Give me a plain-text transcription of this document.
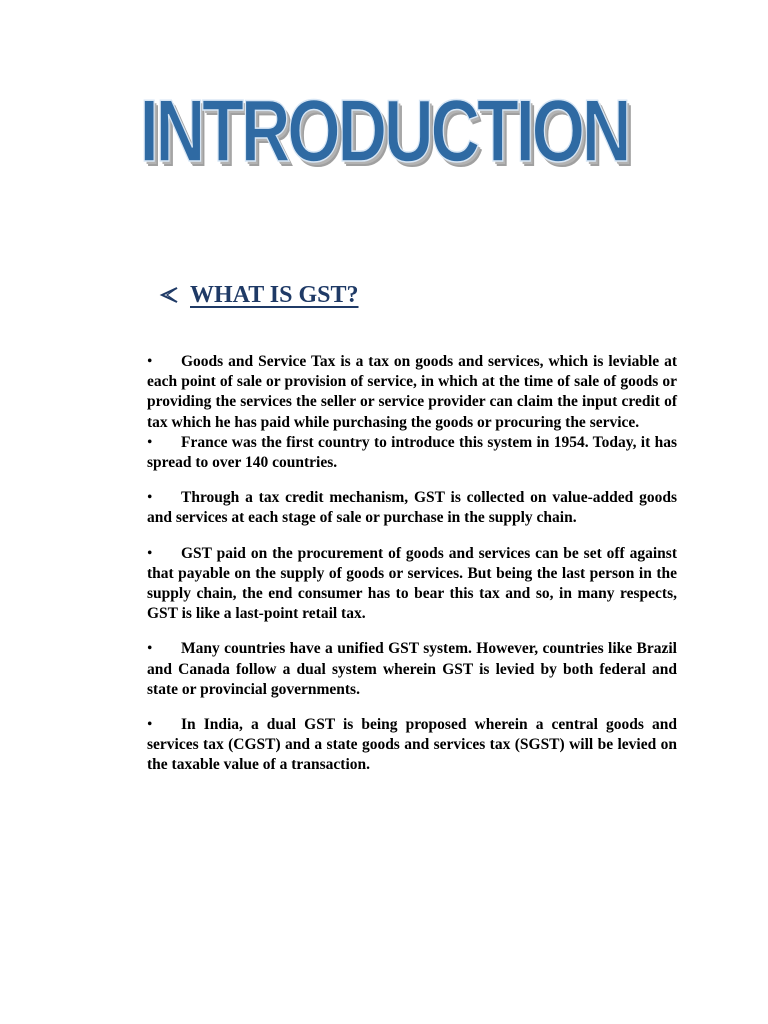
INTRODUCTION
WHAT IS GST?

• Goods and Service Tax is a tax on goods and services, which is leviable at each point of sale or provision of service, in which at the time of sale of goods or providing the services the seller or service provider can claim the input credit of tax which he has paid while purchasing the goods or procuring the service.

• France was the first country to introduce this system in 1954. Today, it has spread to over 140 countries.

• Through a tax credit mechanism, GST is collected on value-added goods and services at each stage of sale or purchase in the supply chain.

• GST paid on the procurement of goods and services can be set off against that payable on the supply of goods or services. But being the last person in the supply chain, the end consumer has to bear this tax and so, in many respects, GST is like a last-point retail tax.

• Many countries have a unified GST system. However, countries like Brazil and Canada follow a dual system wherein GST is levied by both federal and state or provincial governments.

• In India, a dual GST is being proposed wherein a central goods and services tax (CGST) and a state goods and services tax (SGST) will be levied on the taxable value of a transaction.
